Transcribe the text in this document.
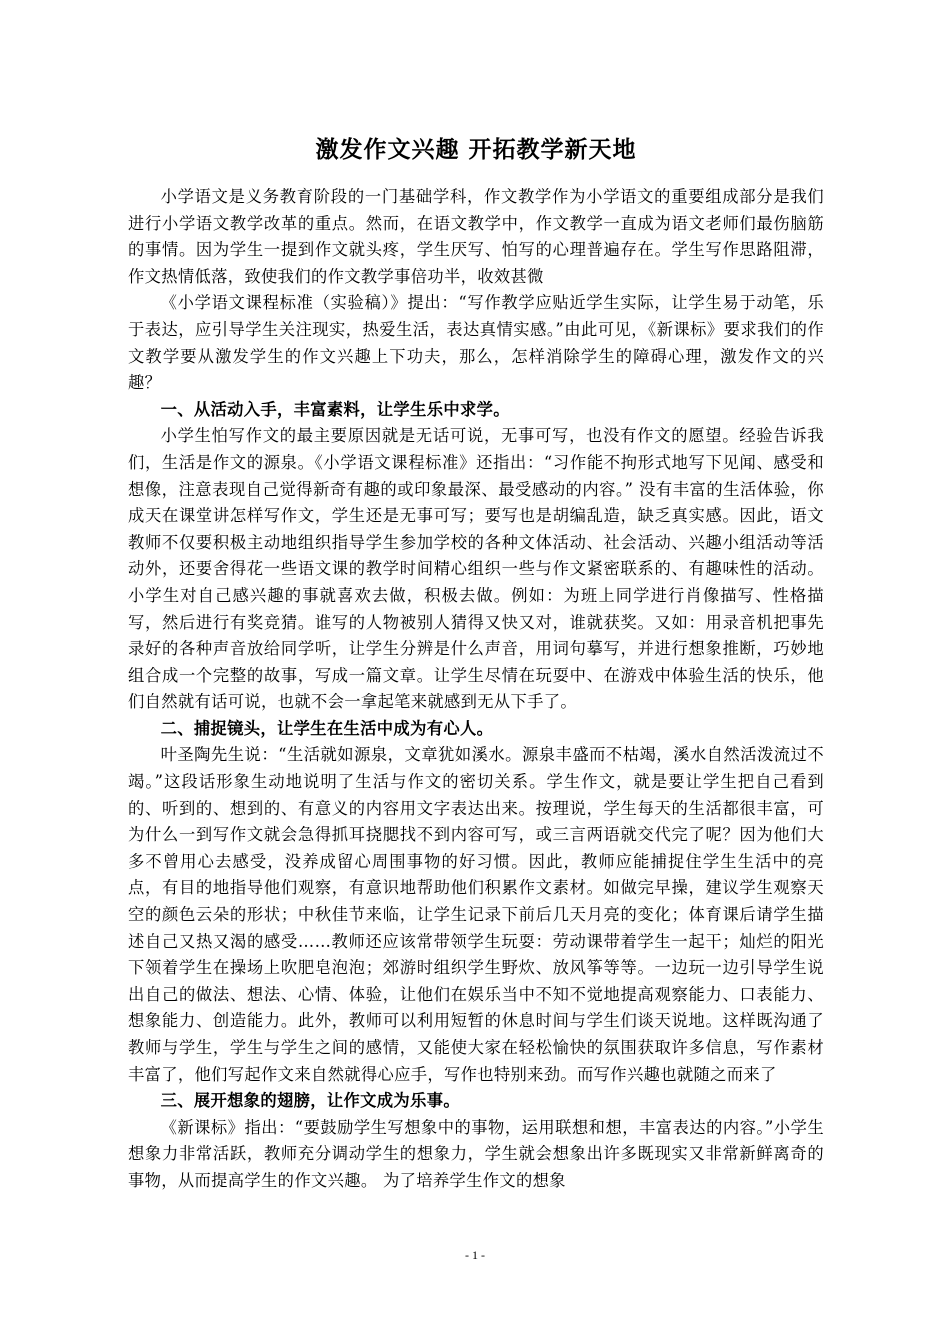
激发作文兴趣 开拓教学新天地

小学语文是义务教育阶段的一门基础学科，作文教学作为小学语文的重要组成部分是我们进行小学语文教学改革的重点。然而，在语文教学中，作文教学一直成为语文老师们最伤脑筋的事情。因为学生一提到作文就头疼，学生厌写、怕写的心理普遍存在。学生写作思路阻滞，作文热情低落，致使我们的作文教学事倍功半，收效甚微

《小学语文课程标准（实验稿）》提出：“写作教学应贴近学生实际，让学生易于动笔，乐于表达，应引导学生关注现实，热爱生活，表达真情实感。”由此可见，《新课标》要求我们的作文教学要从激发学生的作文兴趣上下功夫，那么，怎样消除学生的障碍心理，激发作文的兴趣？

一、从活动入手，丰富素料，让学生乐中求学。

小学生怕写作文的最主要原因就是无话可说，无事可写，也没有作文的愿望。经验告诉我们，生活是作文的源泉。《小学语文课程标准》还指出：“习作能不拘形式地写下见闻、感受和想像，注意表现自己觉得新奇有趣的或印象最深、最受感动的内容。” 没有丰富的生活体验，你成天在课堂讲怎样写作文，学生还是无事可写；要写也是胡编乱造，缺乏真实感。因此，语文教师不仅要积极主动地组织指导学生参加学校的各种文体活动、社会活动、兴趣小组活动等活动外，还要舍得花一些语文课的教学时间精心组织一些与作文紧密联系的、有趣味性的活动。小学生对自己感兴趣的事就喜欢去做，积极去做。例如：为班上同学进行肖像描写、性格描写，然后进行有奖竞猜。谁写的人物被别人猜得又快又对，谁就获奖。又如：用录音机把事先录好的各种声音放给同学听，让学生分辨是什么声音，用词句摹写，并进行想象推断，巧妙地组合成一个完整的故事，写成一篇文章。让学生尽情在玩耍中、在游戏中体验生活的快乐，他们自然就有话可说，也就不会一拿起笔来就感到无从下手了。

二、捕捉镜头，让学生在生活中成为有心人。

叶圣陶先生说：“生活就如源泉，文章犹如溪水。源泉丰盛而不枯竭，溪水自然活泼流过不竭。”这段话形象生动地说明了生活与作文的密切关系。学生作文，就是要让学生把自己看到的、听到的、想到的、有意义的内容用文字表达出来。按理说，学生每天的生活都很丰富，可为什么一到写作文就会急得抓耳挠腮找不到内容可写，或三言两语就交代完了呢？因为他们大多不曾用心去感受，没养成留心周围事物的好习惯。因此，教师应能捕捉住学生生活中的亮点，有目的地指导他们观察，有意识地帮助他们积累作文素材。如做完早操，建议学生观察天空的颜色云朵的形状；中秋佳节来临，让学生记录下前后几天月亮的变化；体育课后请学生描述自己又热又渴的感受……教师还应该常带领学生玩耍：劳动课带着学生一起干；灿烂的阳光下领着学生在操场上吹肥皂泡泡；郊游时组织学生野炊、放风筝等等。一边玩一边引导学生说出自己的做法、想法、心情、体验，让他们在娱乐当中不知不觉地提高观察能力、口表能力、想象能力、创造能力。此外，教师可以利用短暂的休息时间与学生们谈天说地。这样既沟通了教师与学生，学生与学生之间的感情，又能使大家在轻松愉快的氛围获取许多信息，写作素材丰富了，他们写起作文来自然就得心应手，写作也特别来劲。而写作兴趣也就随之而来了

三、展开想象的翅膀，让作文成为乐事。

《新课标》指出：“要鼓励学生写想象中的事物，运用联想和想，丰富表达的内容。”小学生想象力非常活跃，教师充分调动学生的想象力，学生就会想象出许多既现实又非常新鲜离奇的事物，从而提高学生的作文兴趣。 为了培养学生作文的想象

- 1 -
